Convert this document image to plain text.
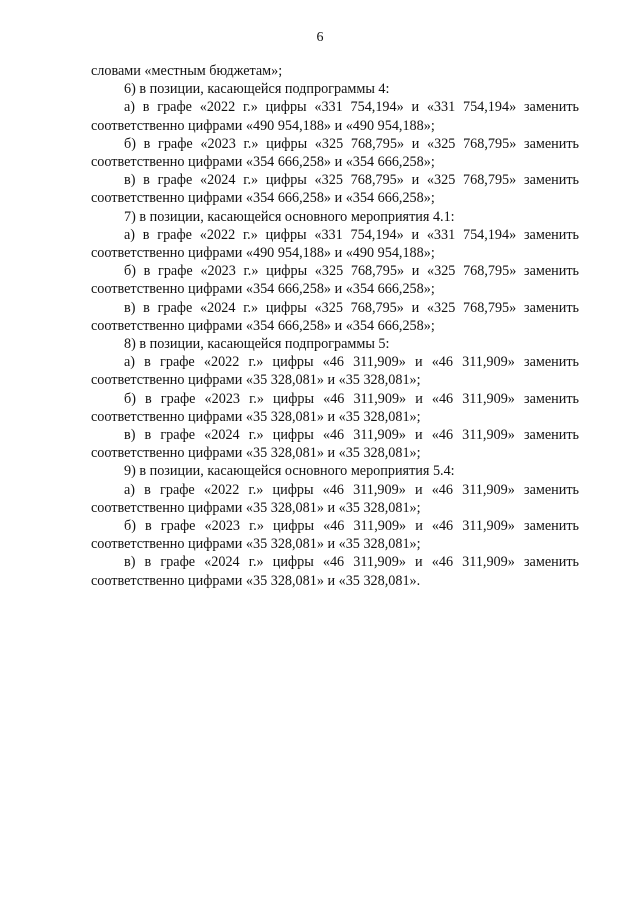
6

словами «местным бюджетам»;

6) в позиции, касающейся подпрограммы 4:

а) в графе «2022 г.» цифры «331 754,194» и «331 754,194» заменить соответственно цифрами «490 954,188» и «490 954,188»;

б) в графе «2023 г.» цифры «325 768,795» и «325 768,795» заменить соответственно цифрами «354 666,258» и «354 666,258»;

в) в графе «2024 г.» цифры «325 768,795» и «325 768,795» заменить соответственно цифрами «354 666,258» и «354 666,258»;

7) в позиции, касающейся основного мероприятия 4.1:

а) в графе «2022 г.» цифры «331 754,194» и «331 754,194» заменить соответственно цифрами «490 954,188» и «490 954,188»;

б) в графе «2023 г.» цифры «325 768,795» и «325 768,795» заменить соответственно цифрами «354 666,258» и «354 666,258»;

в) в графе «2024 г.» цифры «325 768,795» и «325 768,795» заменить соответственно цифрами «354 666,258» и «354 666,258»;

8) в позиции, касающейся подпрограммы 5:

а) в графе «2022 г.» цифры «46 311,909» и «46 311,909» заменить соответственно цифрами «35 328,081» и «35 328,081»;

б) в графе «2023 г.» цифры «46 311,909» и «46 311,909» заменить соответственно цифрами «35 328,081» и «35 328,081»;

в) в графе «2024 г.» цифры «46 311,909» и «46 311,909» заменить соответственно цифрами «35 328,081» и «35 328,081»;

9) в позиции, касающейся основного мероприятия 5.4:

а) в графе «2022 г.» цифры «46 311,909» и «46 311,909» заменить соответственно цифрами «35 328,081» и «35 328,081»;

б) в графе «2023 г.» цифры «46 311,909» и «46 311,909» заменить соответственно цифрами «35 328,081» и «35 328,081»;

в) в графе «2024 г.» цифры «46 311,909» и «46 311,909» заменить соответственно цифрами «35 328,081» и «35 328,081».
